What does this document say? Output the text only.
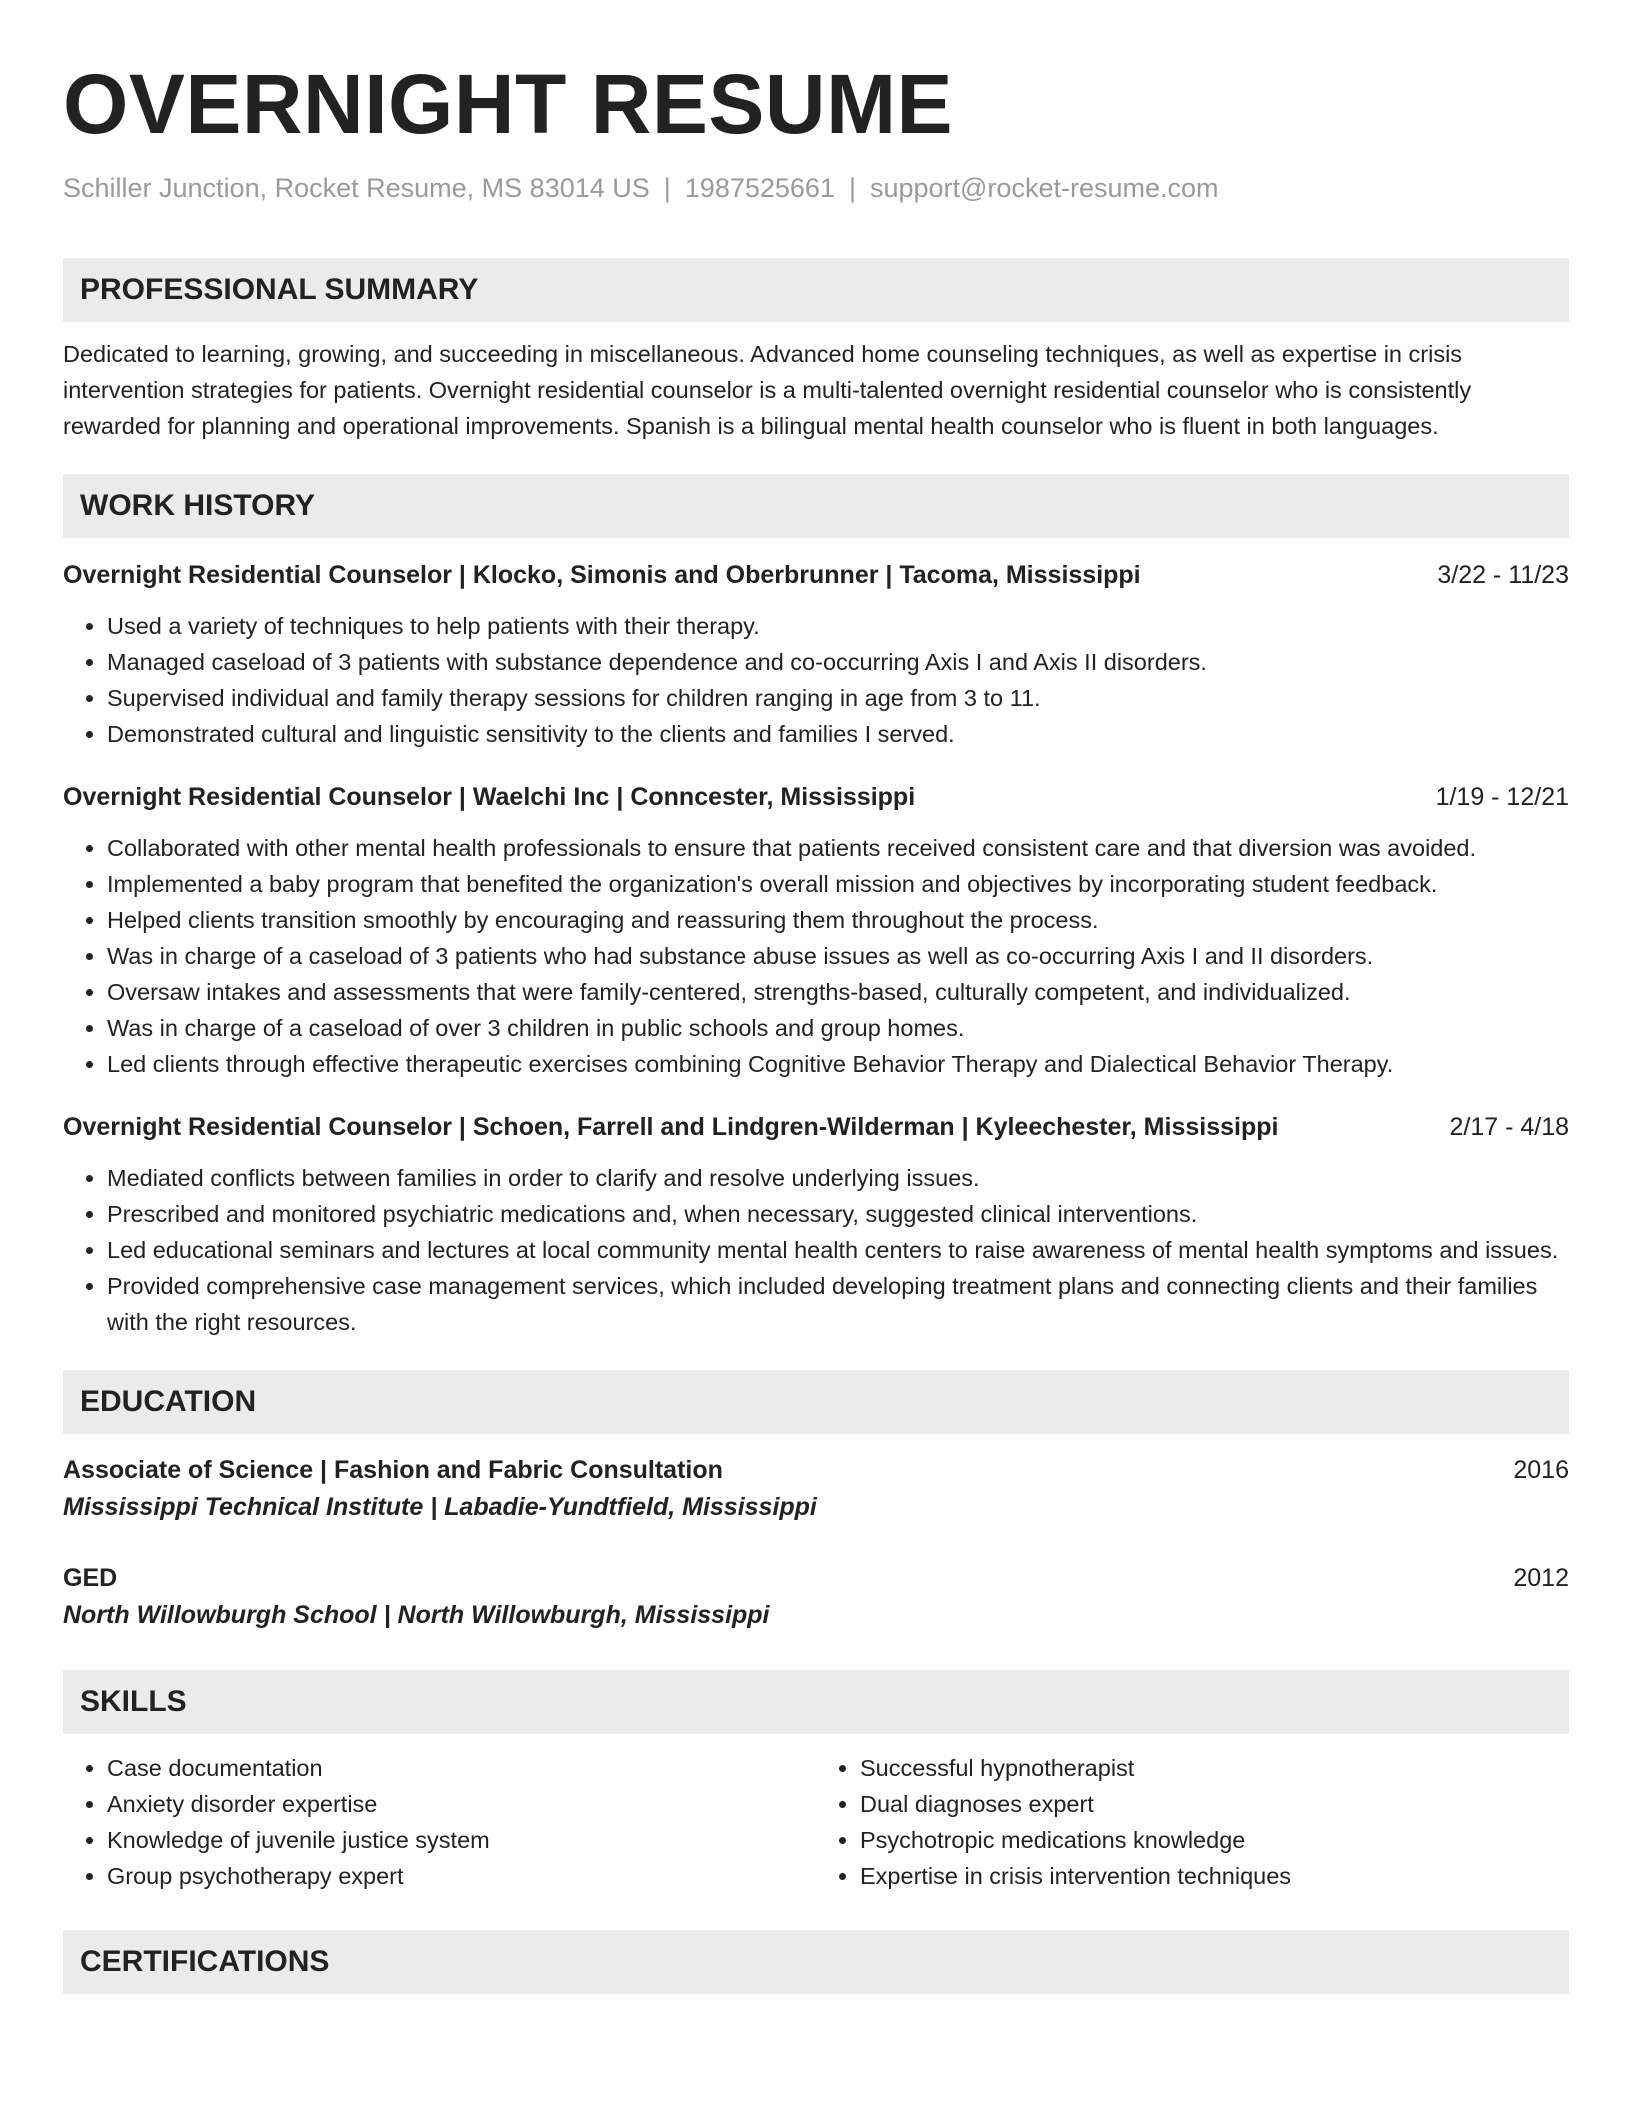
OVERNIGHT RESUME
Schiller Junction, Rocket Resume, MS 83014 US | 1987525661 | support@rocket-resume.com
PROFESSIONAL SUMMARY
Dedicated to learning, growing, and succeeding in miscellaneous. Advanced home counseling techniques, as well as expertise in crisis intervention strategies for patients. Overnight residential counselor is a multi-talented overnight residential counselor who is consistently rewarded for planning and operational improvements. Spanish is a bilingual mental health counselor who is fluent in both languages.
WORK HISTORY
Overnight Residential Counselor | Klocko, Simonis and Oberbrunner | Tacoma, Mississippi	3/22 - 11/23
• Used a variety of techniques to help patients with their therapy.
• Managed caseload of 3 patients with substance dependence and co-occurring Axis I and Axis II disorders.
• Supervised individual and family therapy sessions for children ranging in age from 3 to 11.
• Demonstrated cultural and linguistic sensitivity to the clients and families I served.
Overnight Residential Counselor | Waelchi Inc | Conncester, Mississippi	1/19 - 12/21
• Collaborated with other mental health professionals to ensure that patients received consistent care and that diversion was avoided.
• Implemented a baby program that benefited the organization's overall mission and objectives by incorporating student feedback.
• Helped clients transition smoothly by encouraging and reassuring them throughout the process.
• Was in charge of a caseload of 3 patients who had substance abuse issues as well as co-occurring Axis I and II disorders.
• Oversaw intakes and assessments that were family-centered, strengths-based, culturally competent, and individualized.
• Was in charge of a caseload of over 3 children in public schools and group homes.
• Led clients through effective therapeutic exercises combining Cognitive Behavior Therapy and Dialectical Behavior Therapy.
Overnight Residential Counselor | Schoen, Farrell and Lindgren-Wilderman | Kyleechester, Mississippi	2/17 - 4/18
• Mediated conflicts between families in order to clarify and resolve underlying issues.
• Prescribed and monitored psychiatric medications and, when necessary, suggested clinical interventions.
• Led educational seminars and lectures at local community mental health centers to raise awareness of mental health symptoms and issues.
• Provided comprehensive case management services, which included developing treatment plans and connecting clients and their families with the right resources.
EDUCATION
Associate of Science | Fashion and Fabric Consultation	2016
Mississippi Technical Institute | Labadie-Yundtfield, Mississippi
GED	2012
North Willowburgh School | North Willowburgh, Mississippi
SKILLS
• Case documentation
• Anxiety disorder expertise
• Knowledge of juvenile justice system
• Group psychotherapy expert
• Successful hypnotherapist
• Dual diagnoses expert
• Psychotropic medications knowledge
• Expertise in crisis intervention techniques
CERTIFICATIONS
